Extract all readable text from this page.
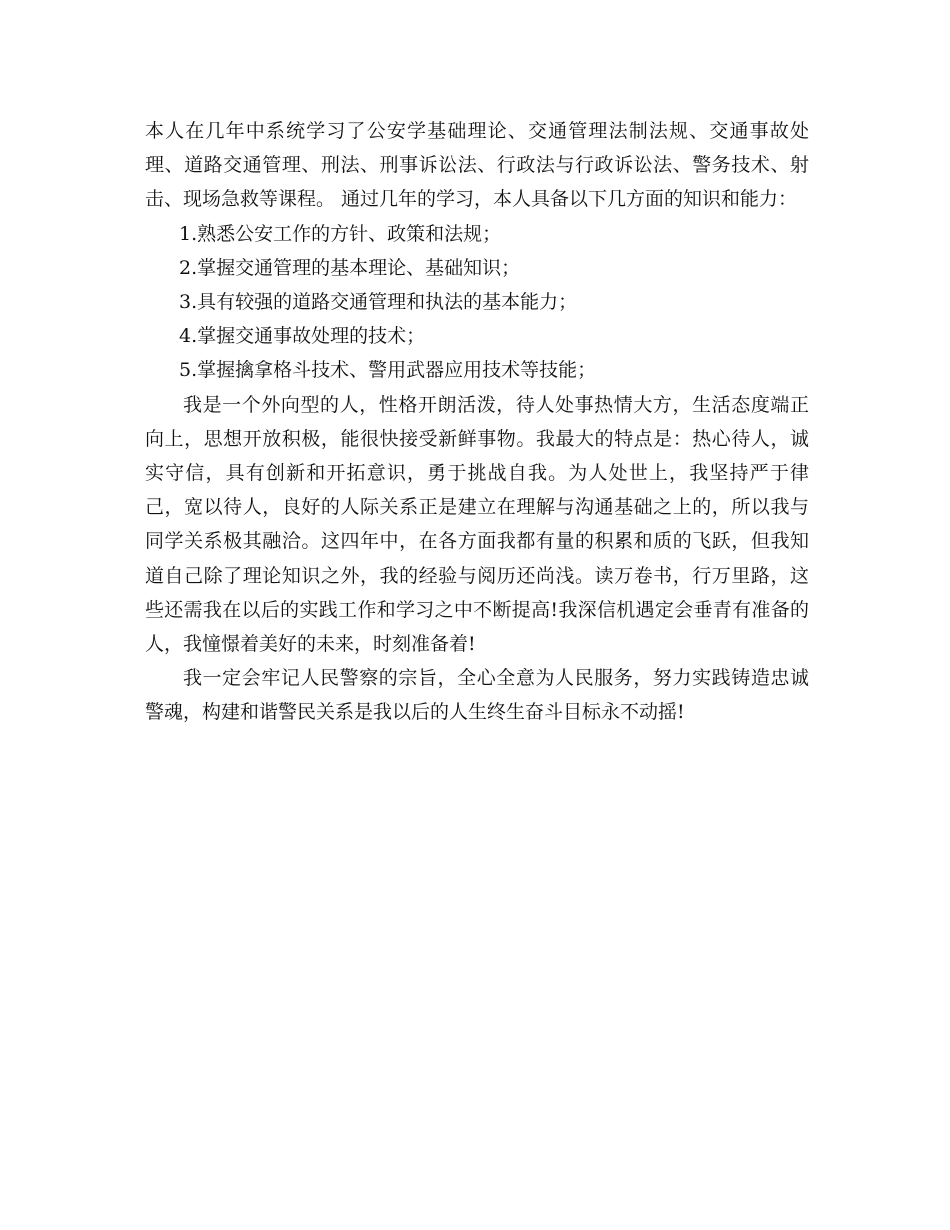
本人在几年中系统学习了公安学基础理论、交通管理法制法规、交通事故处理、道路交通管理、刑法、刑事诉讼法、行政法与行政诉讼法、警务技术、射击、现场急救等课程。 通过几年的学习，本人具备以下几方面的知识和能力：

1.熟悉公安工作的方针、政策和法规；
2.掌握交通管理的基本理论、基础知识；
3.具有较强的道路交通管理和执法的基本能力；
4.掌握交通事故处理的技术；
5.掌握擒拿格斗技术、警用武器应用技术等技能；

我是一个外向型的人，性格开朗活泼，待人处事热情大方，生活态度端正向上，思想开放积极，能很快接受新鲜事物。我最大的特点是：热心待人，诚实守信，具有创新和开拓意识，勇于挑战自我。为人处世上，我坚持严于律己，宽以待人，良好的人际关系正是建立在理解与沟通基础之上的，所以我与同学关系极其融洽。这四年中，在各方面我都有量的积累和质的飞跃，但我知道自己除了理论知识之外，我的经验与阅历还尚浅。读万卷书，行万里路，这些还需我在以后的实践工作和学习之中不断提高!我深信机遇定会垂青有准备的人，我憧憬着美好的未来，时刻准备着!

我一定会牢记人民警察的宗旨，全心全意为人民服务，努力实践铸造忠诚警魂，构建和谐警民关系是我以后的人生终生奋斗目标永不动摇!
